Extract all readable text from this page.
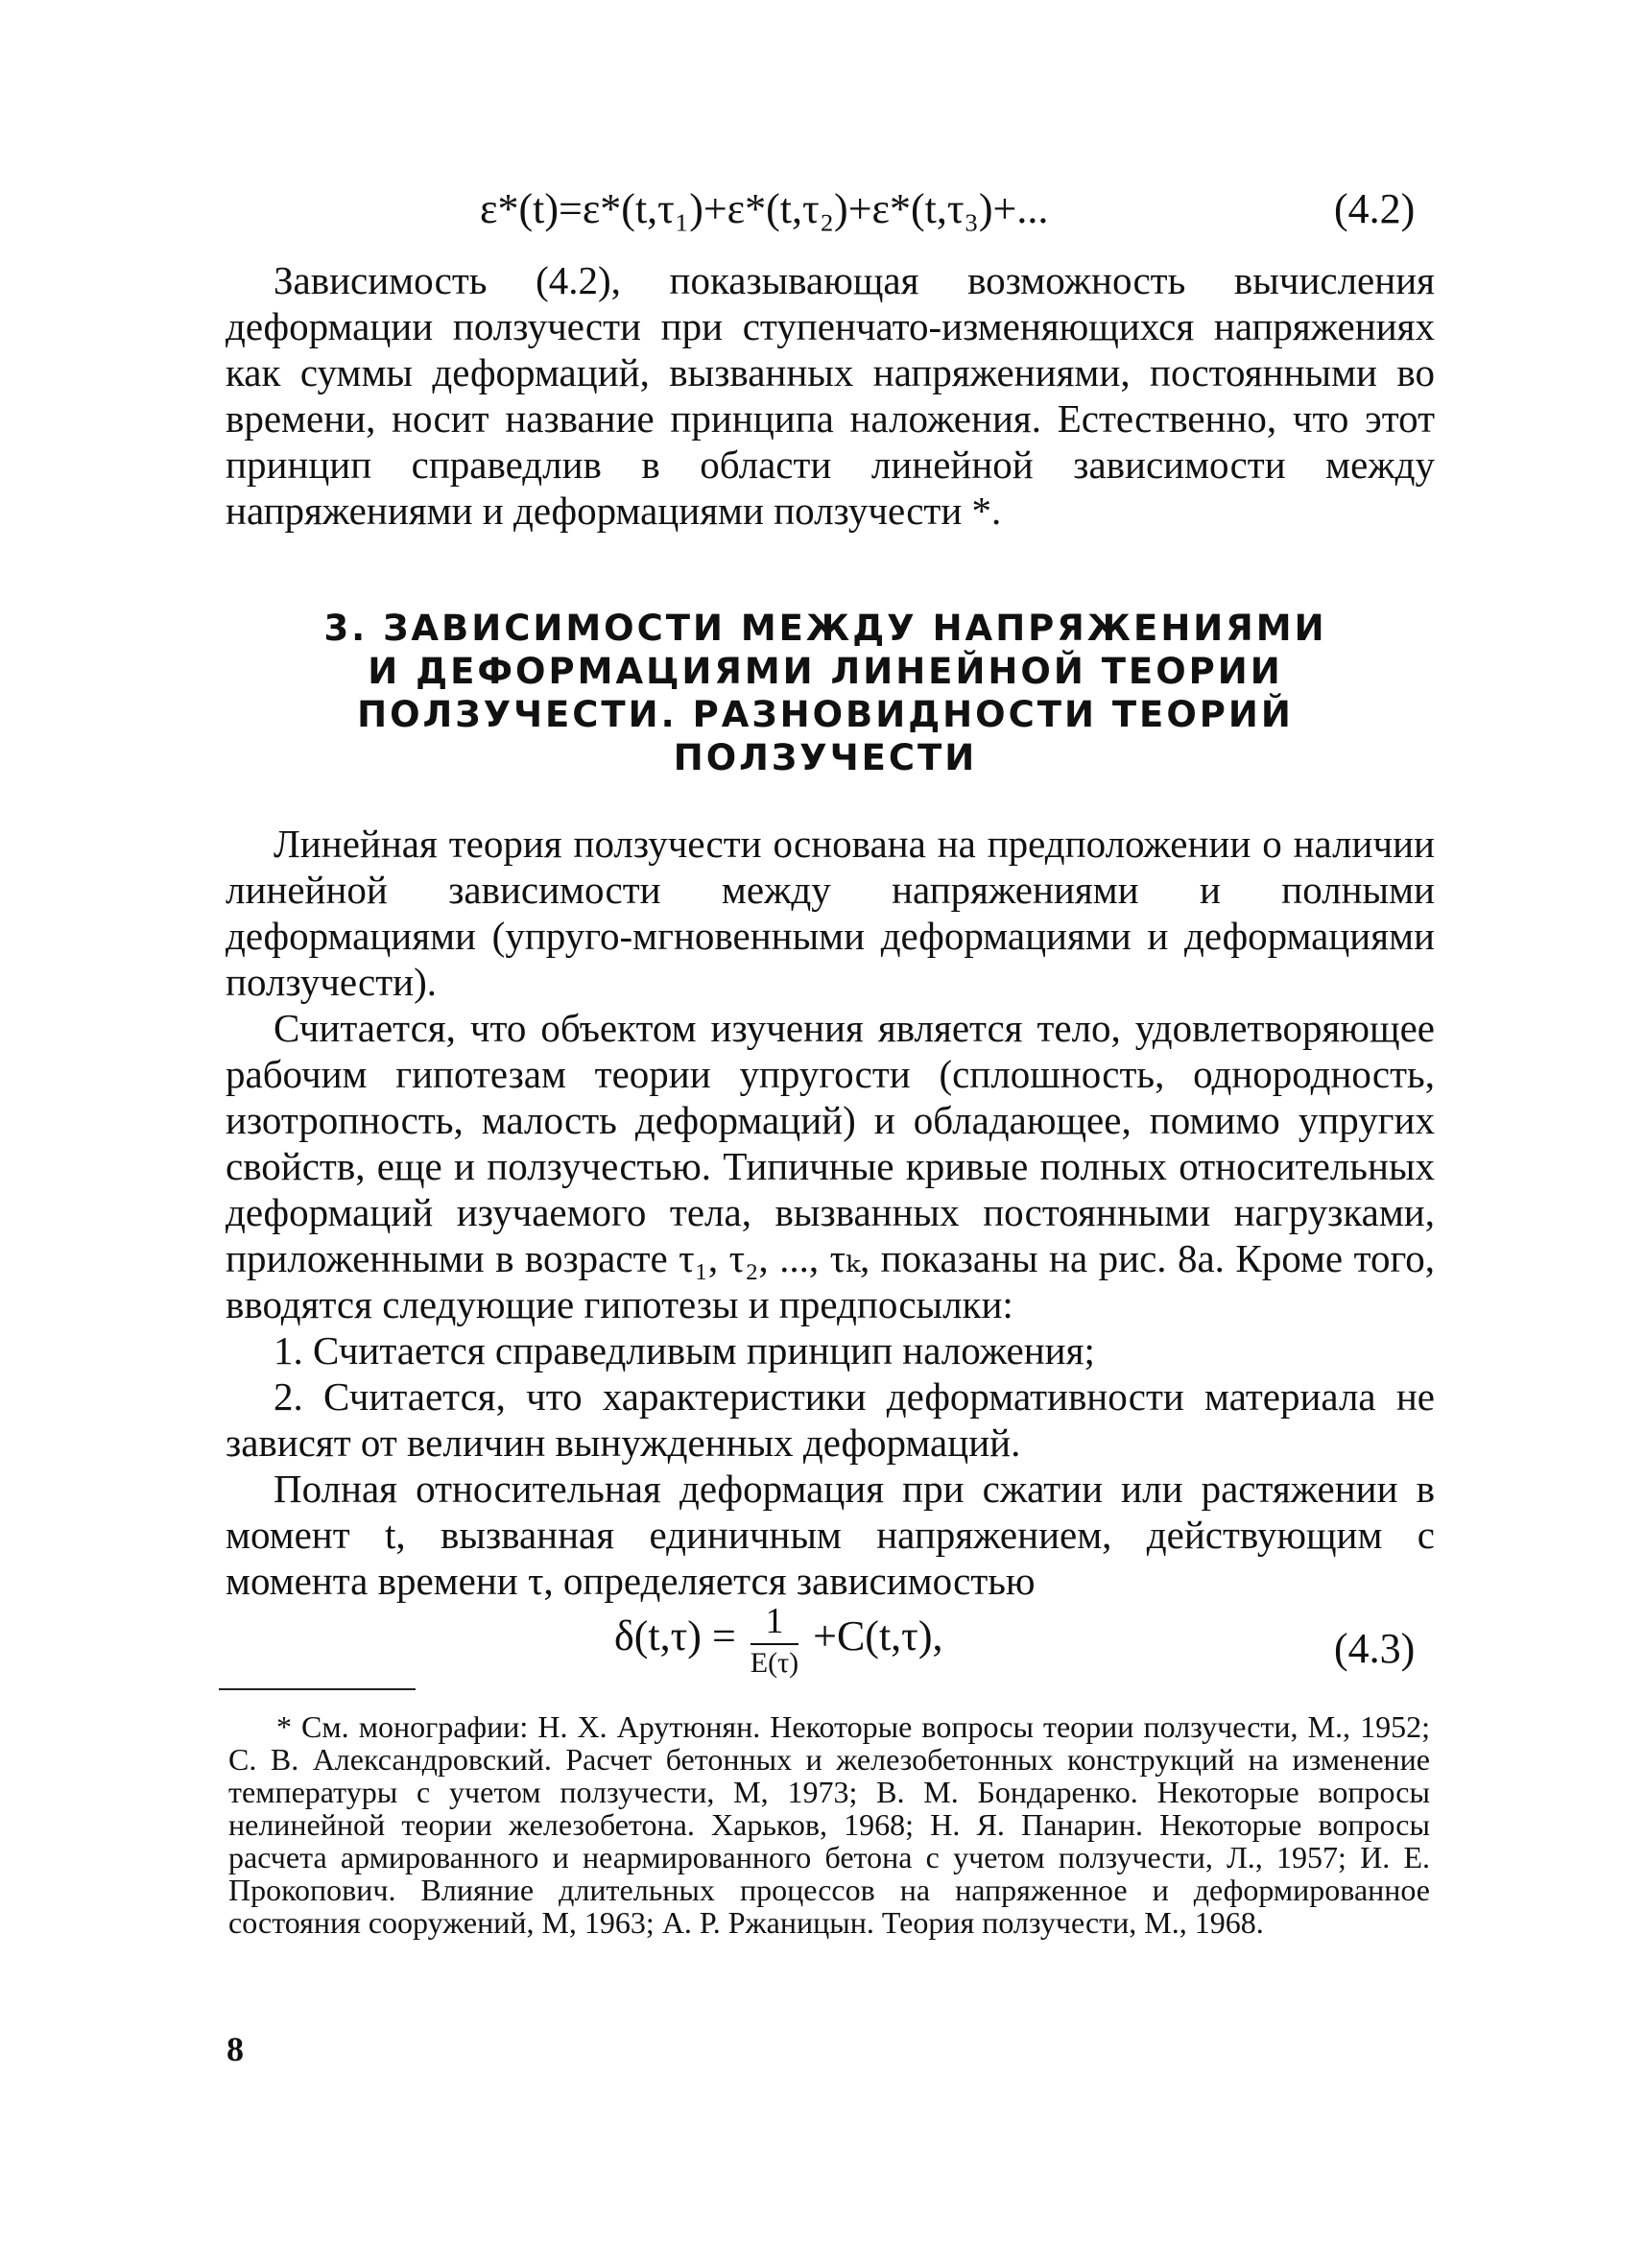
ε*(t)=ε*(t,τ₁)+ε*(t,τ₂)+ε*(t,τ₃)+...	(4.2)

Зависимость (4.2), показывающая возможность вычисления деформации ползучести при ступенчато-изменяющихся напряжениях как суммы деформаций, вызванных напряжениями, постоянными во времени, носит название принципа наложения. Естественно, что этот принцип справедлив в области линейной зависимости между напряжениями и деформациями ползучести *.

3. ЗАВИСИМОСТИ МЕЖДУ НАПРЯЖЕНИЯМИ
И ДЕФОРМАЦИЯМИ ЛИНЕЙНОЙ ТЕОРИИ
ПОЛЗУЧЕСТИ. РАЗНОВИДНОСТИ ТЕОРИЙ
ПОЛЗУЧЕСТИ

Линейная теория ползучести основана на предположении о наличии линейной зависимости между напряжениями и полными деформациями (упруго-мгновенными деформациями и деформациями ползучести).

Считается, что объектом изучения является тело, удовлетворяющее рабочим гипотезам теории упругости (сплошность, однородность, изотропность, малость деформаций) и обладающее, помимо упругих свойств, еще и ползучестью. Типичные кривые полных относительных деформаций изучаемого тела, вызванных постоянными нагрузками, приложенными в возрасте τ₁, τ₂, ..., τₖ, показаны на рис. 8а. Кроме того, вводятся следующие гипотезы и предпосылки:

1. Считается справедливым принцип наложения;

2. Считается, что характеристики деформативности материала не зависят от величин вынужденных деформаций.

Полная относительная деформация при сжатии или растяжении в момент t, вызванная единичным напряжением, действующим с момента времени τ, определяется зависимостью

$\delta(t,\tau) = \frac{1}{E(\tau)} +C(t,\tau)$,	(4.3)

* См. монографии: Н. Х. Арутюнян. Некоторые вопросы теории ползучести, М., 1952; С. В. Александровский. Расчет бетонных и железобетонных конструкций на изменение температуры с учетом ползучести, М, 1973; В. М. Бондаренко. Некоторые вопросы нелинейной теории железобетона. Харьков, 1968; Н. Я. Панарин. Некоторые вопросы расчета армированного и неармированного бетона с учетом ползучести, Л., 1957; И. Е. Прокопович. Влияние длительных процессов на напряженное и деформированное состояния сооружений, М, 1963; А. Р. Ржаницын. Теория ползучести, М., 1968.

8
